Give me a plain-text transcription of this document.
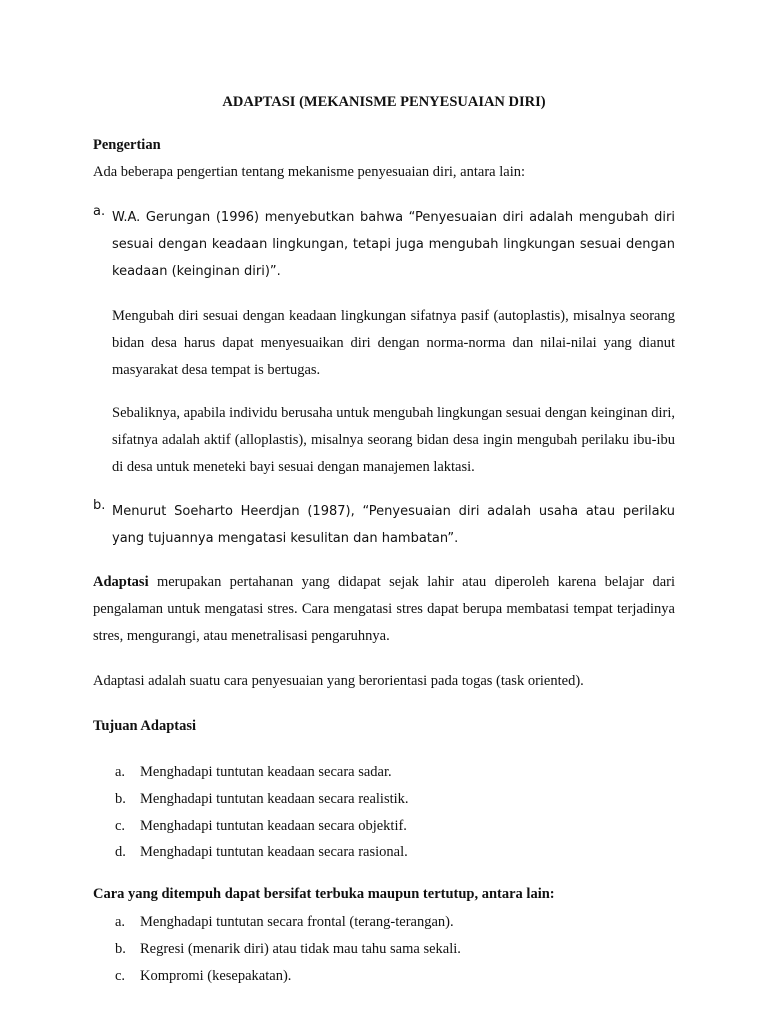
ADAPTASI (MEKANISME PENYESUAIAN DIRI)

Pengertian

Ada beberapa pengertian tentang mekanisme penyesuaian diri, antara lain:

a. W.A. Gerungan (1996) menyebutkan bahwa “Penyesuaian diri adalah mengubah diri sesuai dengan keadaan lingkungan, tetapi juga mengubah lingkungan sesuai dengan keadaan (keinginan diri)”.

Mengubah diri sesuai dengan keadaan lingkungan sifatnya pasif (autoplastis), misalnya seorang bidan desa harus dapat menyesuaikan diri dengan norma-norma dan nilai-nilai yang dianut masyarakat desa tempat is bertugas.

Sebaliknya, apabila individu berusaha untuk mengubah lingkungan sesuai dengan keinginan diri, sifatnya adalah aktif (alloplastis), misalnya seorang bidan desa ingin mengubah perilaku ibu-ibu di desa untuk meneteki bayi sesuai dengan manajemen laktasi.

b. Menurut Soeharto Heerdjan (1987), “Penyesuaian diri adalah usaha atau perilaku yang tujuannya mengatasi kesulitan dan hambatan”.

Adaptasi merupakan pertahanan yang didapat sejak lahir atau diperoleh karena belajar dari pengalaman untuk mengatasi stres. Cara mengatasi stres dapat berupa membatasi tempat terjadinya stres, mengurangi, atau menetralisasi pengaruhnya.

Adaptasi adalah suatu cara penyesuaian yang berorientasi pada togas (task oriented).

Tujuan Adaptasi

a.	Menghadapi tuntutan keadaan secara sadar.
b. Menghadapi tuntutan keadaan secara realistik.
c.	Menghadapi tuntutan keadaan secara objektif.
d. Menghadapi tuntutan keadaan secara rasional.

Cara yang ditempuh dapat bersifat terbuka maupun tertutup, antara lain:

a.	Menghadapi tuntutan secara frontal (terang-terangan).
b. Regresi (menarik diri) atau tidak mau tahu sama sekali.
c.	Kompromi (kesepakatan).
